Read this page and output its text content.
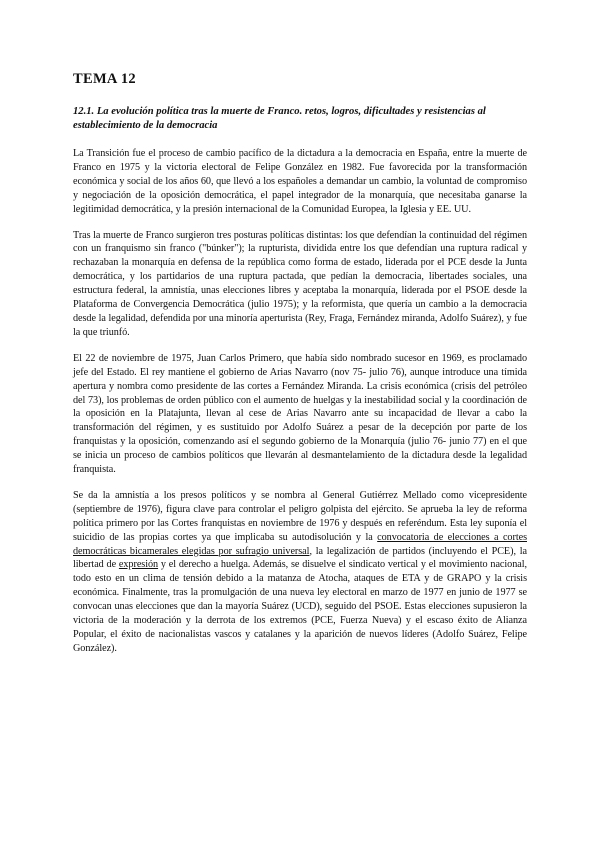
TEMA 12
12.1. La evolución política tras la muerte de Franco. retos, logros, dificultades y resistencias al establecimiento de la democracia

La Transición fue el proceso de cambio pacífico de la dictadura a la democracia en España, entre la muerte de Franco en 1975 y la victoria electoral de Felipe González en 1982. Fue favorecida por la transformación económica y social de los años 60, que llevó a los españoles a demandar un cambio, la voluntad de compromiso y negociación de la oposición democrática, el papel integrador de la monarquía, que necesitaba ganarse la legitimidad democrática, y la presión internacional de la Comunidad Europea, la Iglesia y EE. UU.

Tras la muerte de Franco surgieron tres posturas políticas distintas: los que defendían la continuidad del régimen con un franquismo sin franco ("búnker"); la rupturista, dividida entre los que defendían una ruptura radical y rechazaban la monarquía en defensa de la república como forma de estado, liderada por el PCE desde la Junta democrática, y los partidarios de una ruptura pactada, que pedían la democracia, libertades sociales, una estructura federal, la amnistía, unas elecciones libres y aceptaba la monarquía, liderada por el PSOE desde la Plataforma de Convergencia Democrática (julio 1975); y la reformista, que quería un cambio a la democracia desde la legalidad, defendida por una minoría aperturista (Rey, Fraga, Fernández miranda, Adolfo Suárez), y fue la que triunfó.

El 22 de noviembre de 1975, Juan Carlos Primero, que había sido nombrado sucesor en 1969, es proclamado jefe del Estado. El rey mantiene el gobierno de Arias Navarro (nov 75- julio 76), aunque introduce una tímida apertura y nombra como presidente de las cortes a Fernández Miranda. La crisis económica (crisis del petróleo del 73), los problemas de orden público con el aumento de huelgas y la inestabilidad social y la coordinación de la oposición en la Platajunta, llevan al cese de Arias Navarro ante su incapacidad de llevar a cabo la transformación del régimen, y es sustituido por Adolfo Suárez a pesar de la decepción por parte de los franquistas y la oposición, comenzando así el segundo gobierno de la Monarquía (julio 76- junio 77) en el que se inicia un proceso de cambios políticos que llevarán al desmantelamiento de la dictadura desde la legalidad franquista.

Se da la amnistía a los presos políticos y se nombra al General Gutiérrez Mellado como vicepresidente (septiembre de 1976), figura clave para controlar el peligro golpista del ejército. Se aprueba la ley de reforma política primero por las Cortes franquistas en noviembre de 1976 y después en referéndum. Esta ley suponía el suicidio de las propias cortes ya que implicaba su autodisolución y la convocatoria de elecciones a cortes democráticas bicamerales elegidas por sufragio universal, la legalización de partidos (incluyendo el PCE), la libertad de expresión y el derecho a huelga. Además, se disuelve el sindicato vertical y el movimiento nacional, todo esto en un clima de tensión debido a la matanza de Atocha, ataques de ETA y de GRAPO y la crisis económica. Finalmente, tras la promulgación de una nueva ley electoral en marzo de 1977 en junio de 1977 se convocan unas elecciones que dan la mayoría Suárez (UCD), seguido del PSOE. Estas elecciones supusieron la victoria de la moderación y la derrota de los extremos (PCE, Fuerza Nueva) y el escaso éxito de Alianza Popular, el éxito de nacionalistas vascos y catalanes y la aparición de nuevos líderes (Adolfo Suárez, Felipe González).
